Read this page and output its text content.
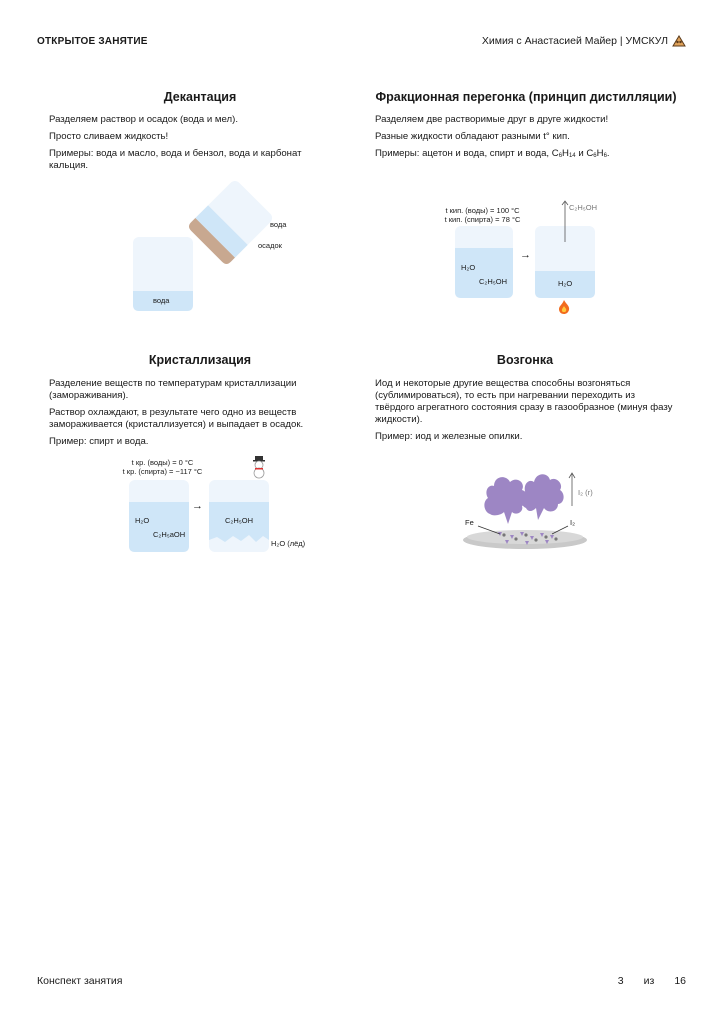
ОТКРЫТОЕ ЗАНЯТИЕ	Химия с Анастасией Майер | УМСКУЛ
Декантация

Разделяем раствор и осадок (вода и мел).

Просто сливаем жидкость!

Примеры: вода и масло, вода и бензол, вода и карбонат кальция.

вода
вода
осадок
Фракционная перегонка (принцип дистилляции)

Разделяем две растворимые друг в друге жидкости!

Разные жидкости обладают разными t° кип.

Примеры: ацетон и вода, спирт и вода, $C_6H_{14}$ и $C_6H_6$.

t кип. (воды) = 100 °C
t кип. (спирта) = 78 °C
H₂O
C₂H₅OH
→
C₂H₅OH
H₂O
Кристаллизация

Разделение веществ по температурам кристаллизации (замораживания).

Раствор охлаждают, в результате чего одно из веществ замораживается (кристаллизуется) и выпадает в осадок.

Пример: спирт и вода.

t кр. (воды) = 0 °C
t кр. (спирта) = −117 °C
H₂O
C₂H₅аOH
→
C₂H₅OH
H₂O (лёд)
Возгонка

Иод и некоторые другие вещества способны возгоняться (сублимироваться), то есть при нагревании переходить из твёрдого агрегатного состояния сразу в газообразное (минуя фазу жидкости).

Пример: иод и железные опилки.

I₂ (г)
Fe	I₂
Конспект занятия	3 из 16
